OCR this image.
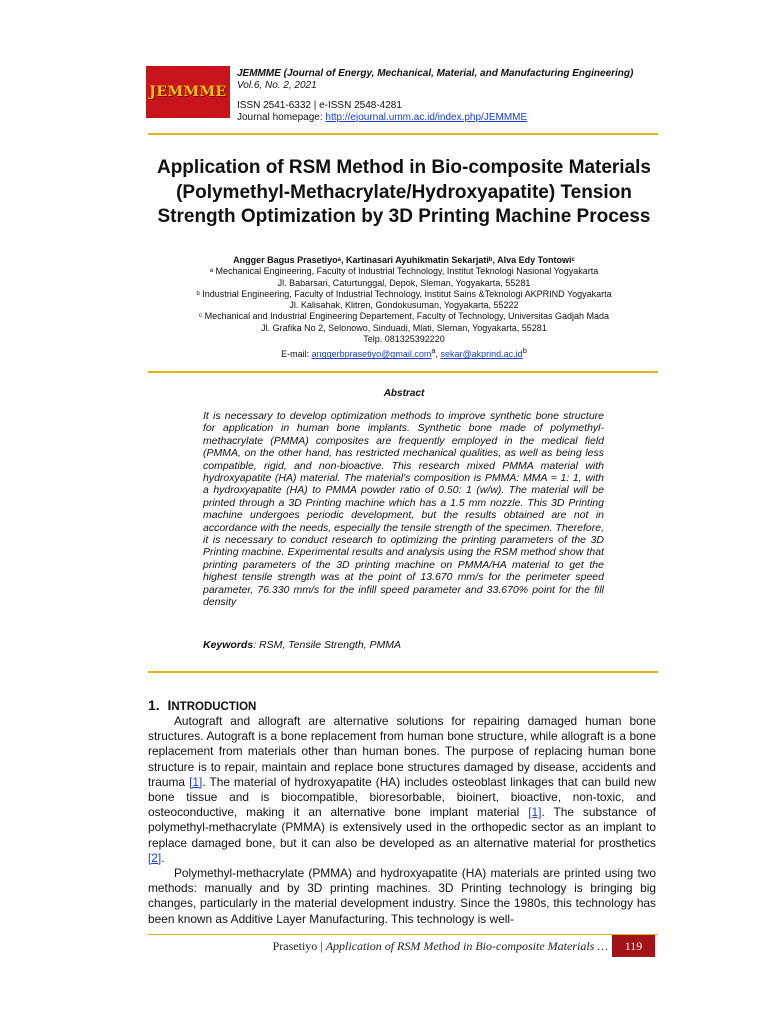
JEMMME
JEMMME (Journal of Energy, Mechanical, Material, and Manufacturing Engineering)
Vol.6, No. 2, 2021
ISSN 2541-6332 | e-ISSN 2548-4281
Journal homepage: http://ejournal.umm.ac.id/index.php/JEMMME
Application of RSM Method in Bio-composite Materials (Polymethyl-Methacrylate/Hydroxyapatite) Tension Strength Optimization by 3D Printing Machine Process
Angger Bagus Prasetiyoᵃ, Kartinasari Ayuhikmatin Sekarjatiᵇ, Alva Edy Tontowiᶜ
ᵃ Mechanical Engineering, Faculty of Industrial Technology, Institut Teknologi Nasional Yogyakarta
Jl. Babarsari, Caturtunggal, Depok, Sleman, Yogyakarta, 55281
ᵇ Industrial Engineering, Faculty of Industrial Technology, Institut Sains &Teknologi AKPRIND Yogyakarta
Jl. Kalisahak, Klitren, Gondokusuman, Yogyakarta, 55222
ᶜ Mechanical and Industrial Engineering Departement, Faculty of Technology, Universitas Gadjah Mada
Jl. Grafika No 2, Selonowo, Sinduadi, Mlati, Sleman, Yogyakarta, 55281
Telp. 081325392220
E-mail: anggerbprasetiyo@gmail.com$^a$, $sekar@akprind.ac.id^b$
Abstract
It is necessary to develop optimization methods to improve synthetic bone structure for application in human bone implants. Synthetic bone made of polymethyl-methacrylate (PMMA) composites are frequently employed in the medical field (PMMA, on the other hand, has restricted mechanical qualities, as well as being less compatible, rigid, and non-bioactive. This research mixed PMMA material with hydroxyapatite (HA) material. The material's composition is PMMA: MMA = 1: 1, with a hydroxyapatite (HA) to PMMA powder ratio of 0.50: 1 (w/w). The material will be printed through a 3D Printing machine which has a 1.5 mm nozzle. This 3D Printing machine undergoes periodic development, but the results obtained are not in accordance with the needs, especially the tensile strength of the specimen. Therefore, it is necessary to conduct research to optimizing the printing parameters of the 3D Printing machine. Experimental results and analysis using the RSM method show that printing parameters of the 3D printing machine on PMMA/HA material to get the highest tensile strength was at the point of 13.670 mm/s for the perimeter speed parameter, 76.330 mm/s for the infill speed parameter and 33.670% point for the fill density
Keywords: RSM, Tensile Strength, PMMA
1. INTRODUCTION

Autograft and allograft are alternative solutions for repairing damaged human bone structures. Autograft is a bone replacement from human bone structure, while allograft is a bone replacement from materials other than human bones. The purpose of replacing human bone structure is to repair, maintain and replace bone structures damaged by disease, accidents and trauma [1]. The material of hydroxyapatite (HA) includes osteoblast linkages that can build new bone tissue and is biocompatible, bioresorbable, bioinert, bioactive, non-toxic, and osteoconductive, making it an alternative bone implant material [1]. The substance of polymethyl-methacrylate (PMMA) is extensively used in the orthopedic sector as an implant to replace damaged bone, but it can also be developed as an alternative material for prosthetics [2].

Polymethyl-methacrylate (PMMA) and hydroxyapatite (HA) materials are printed using two methods: manually and by 3D printing machines. 3D Printing technology is bringing big changes, particularly in the material development industry. Since the 1980s, this technology has been known as Additive Layer Manufacturing. This technology is well-

Prasetiyo | Application of RSM Method in Bio-composite Materials … 119
